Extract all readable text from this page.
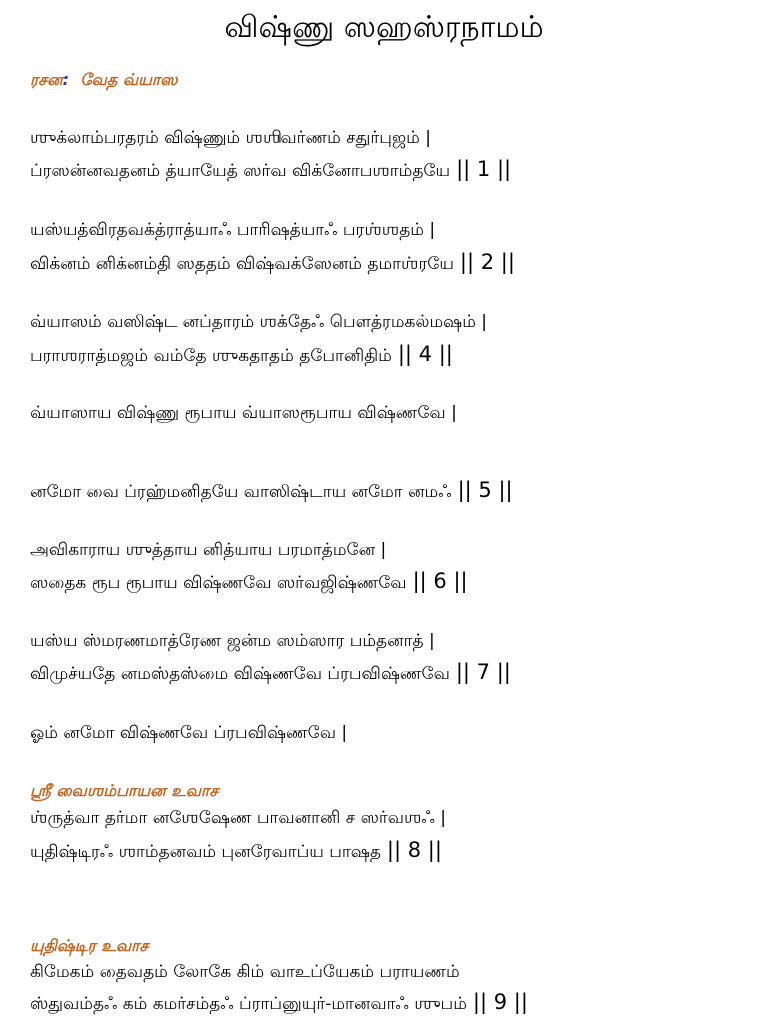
விஷ்ணு ஸஹஸ்ரநாமம்
ரசன: வேத வ்யாஸ
ஶுக்லாம்பரதரம் விஷ்ணும் ஶஶிவர்ணம் சதுர்புஜம் |
ப்ரஸன்னவதனம் த்யாயேத் ஸர்வ விக்னோபஶாம்தயே || 1 ||
யஸ்யத்விரதவக்த்ராத்யாஃ பாரிஷத்யாஃ பரஶ்ஶதம் |
விக்னம் னிக்னம்தி ஸததம் விஷ்வக்ஸேனம் தமாஶ்ரயே || 2 ||
வ்யாஸம் வஸிஷ்ட னப்தாரம் ஶக்தேஃ பௌத்ரமகல்மஷம் |
பராஶராத்மஜம் வம்தே ஶுகதாதம் தபோனிதிம் || 4 ||
வ்யாஸாய விஷ்ணு ரூபாய வ்யாஸரூபாய விஷ்ணவே |
னமோ வை ப்ரஹ்மனிதயே வாஸிஷ்டாய னமோ னமஃ || 5 ||
அவிகாராய ஶுத்தாய னித்யாய பரமாத்மனே |
ஸதைக ரூப ரூபாய விஷ்ணவே ஸர்வஜிஷ்ணவே || 6 ||
யஸ்ய ஸ்மரணமாத்ரேண ஜன்ம ஸம்ஸார பம்தனாத் |
விமுச்யதே னமஸ்தஸ்மை விஷ்ணவே ப்ரபவிஷ்ணவே || 7 ||
ஓம் னமோ விஷ்ணவே ப்ரபவிஷ்ணவே |
ஶ்ரீ வைஶம்பாயன உவாச
ஶ்ருத்வா தர்மா னஶேஷேண பாவனானி ச ஸர்வஶஃ |
யுதிஷ்டிரஃ ஶாம்தனவம் புனரேவாப்ய பாஷத || 8 ||
யுதிஷ்டிர உவாச
கிமேகம் தைவதம் லோகே கிம் வாஉப்யேகம் பராயணம்
ஸ்துவம்தஃ கம் கமர்சம்தஃ ப்ராப்னுயுர்-மானவாஃ ஶுபம் || 9 ||
